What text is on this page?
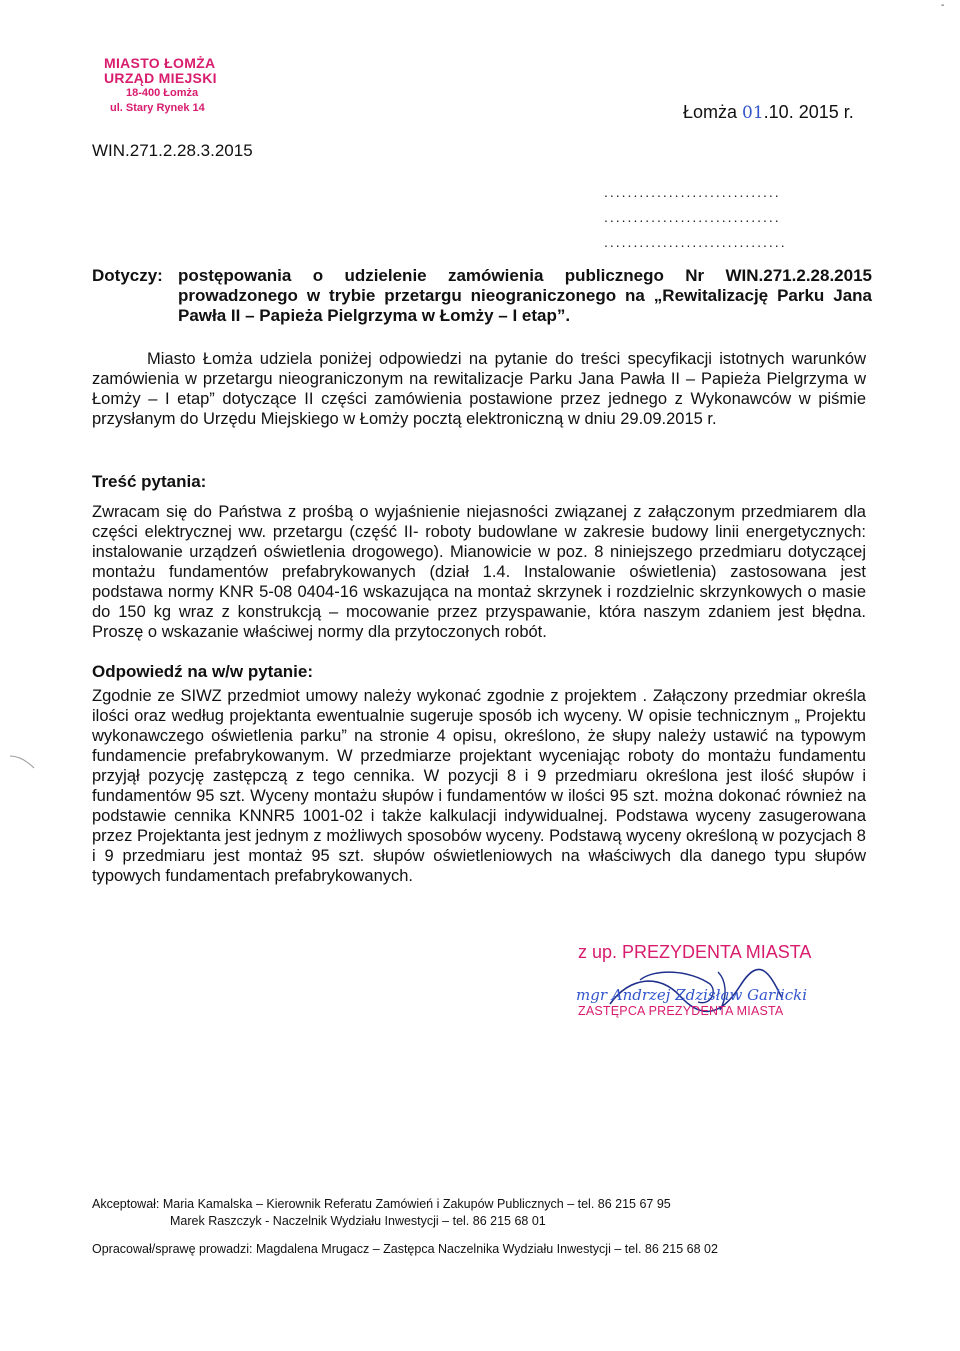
-
MIASTO ŁOMŻA
URZĄD MIEJSKI
18-400 Łomża
ul. Stary Rynek 14	Łomża 01.10. 2015 r.
WIN.271.2.28.3.2015
..............................
..............................
...............................
Dotyczy: postępowania o udzielenie zamówienia publicznego Nr WIN.271.2.28.2015 prowadzonego w trybie przetargu nieograniczonego na „Rewitalizację Parku Jana Pawła II – Papieża Pielgrzyma w Łomży – I etap”.
Miasto Łomża udziela poniżej odpowiedzi na pytanie do treści specyfikacji istotnych warunków zamówienia w przetargu nieograniczonym na rewitalizacje Parku Jana Pawła II – Papieża Pielgrzyma w Łomży – I etap” dotyczące II części zamówienia postawione przez jednego z Wykonawców w piśmie przysłanym do Urzędu Miejskiego w Łomży pocztą elektroniczną w dniu 29.09.2015 r.
Treść pytania:
Zwracam się do Państwa z prośbą o wyjaśnienie niejasności związanej z załączonym przedmiarem dla części elektrycznej ww. przetargu (część II- roboty budowlane w zakresie budowy linii energetycznych: instalowanie urządzeń oświetlenia drogowego). Mianowicie w poz. 8 niniejszego przedmiaru dotyczącej montażu fundamentów prefabrykowanych (dział 1.4. Instalowanie oświetlenia) zastosowana jest podstawa normy KNR 5-08 0404-16 wskazująca na montaż skrzynek i rozdzielnic skrzynkowych o masie do 150 kg wraz z konstrukcją – mocowanie przez przyspawanie, która naszym zdaniem jest błędna. Proszę o wskazanie właściwej normy dla przytoczonych robót.
Odpowiedź na w/w pytanie:
Zgodnie ze SIWZ przedmiot umowy należy wykonać zgodnie z projektem . Załączony przedmiar określa ilości oraz według projektanta ewentualnie sugeruje sposób ich wyceny. W opisie technicznym „ Projektu wykonawczego oświetlenia parku” na stronie 4 opisu, określono, że słupy należy ustawić na typowym fundamencie prefabrykowanym. W przedmiarze projektant wyceniając roboty do montażu fundamentu przyjął pozycję zastępczą z tego cennika. W pozycji 8 i 9 przedmiaru określona jest ilość słupów i fundamentów 95 szt. Wyceny montażu słupów i fundamentów w ilości 95 szt. można dokonać również na podstawie cennika KNNR5 1001-02 i także kalkulacji indywidualnej. Podstawa wyceny zasugerowana przez Projektanta jest jednym z możliwych sposobów wyceny. Podstawą wyceny określoną w pozycjach 8 i 9 przedmiaru jest montaż 95 szt. słupów oświetleniowych na właściwych dla danego typu słupów typowych fundamentach prefabrykowanych.
z up. PREZYDENTA MIASTA
mgr Andrzej Zdzisław Garlicki
ZASTĘPCA PREZYDENTA MIASTA
Akceptował: Maria Kamalska – Kierownik Referatu Zamówień i Zakupów Publicznych – tel. 86 215 67 95
Marek Raszczyk - Naczelnik Wydziału Inwestycji – tel. 86 215 68 01
Opracował/sprawę prowadzi: Magdalena Mrugacz – Zastępca Naczelnika Wydziału Inwestycji – tel. 86 215 68 02
